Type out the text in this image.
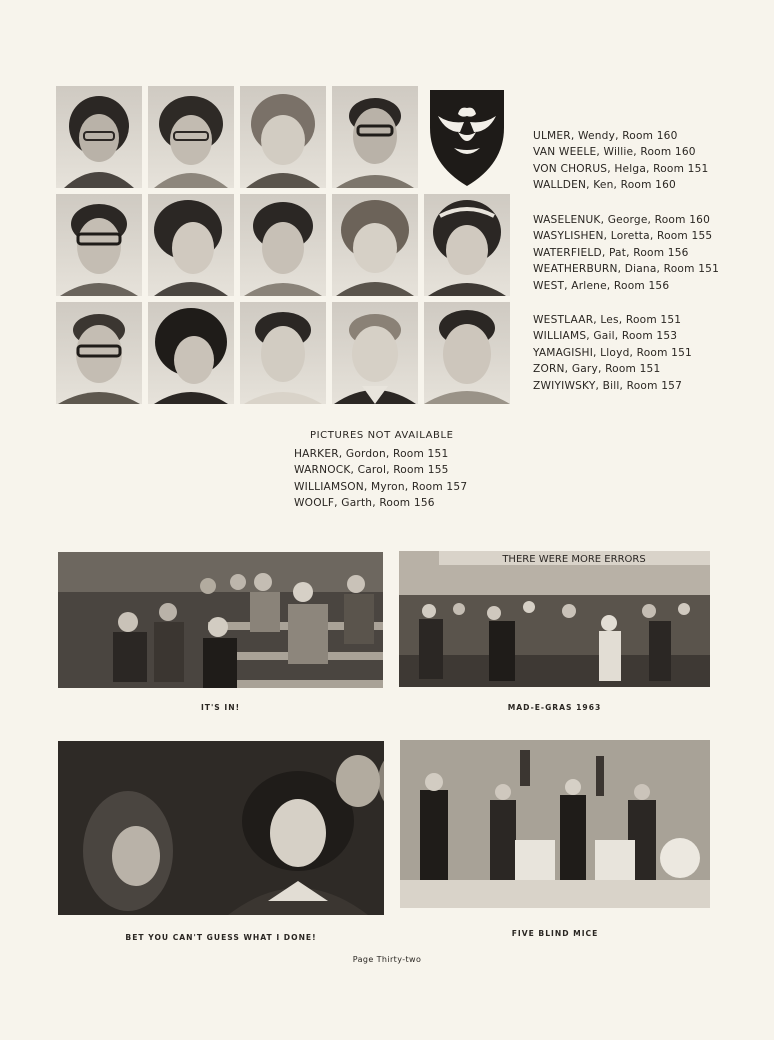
ULMER, Wendy, Room 160
VAN WEELE, Willie, Room 160
VON CHORUS, Helga, Room 151
WALLDEN, Ken, Room 160
WASELENUK, George, Room 160
WASYLISHEN, Loretta, Room 155
WATERFIELD, Pat, Room 156
WEATHERBURN, Diana, Room 151
WEST, Arlene, Room 156
WESTLAAR, Les, Room 151
WILLIAMS, Gail, Room 153
YAMAGISHI, Lloyd, Room 151
ZORN, Gary, Room 151
ZWIYIWSKY, Bill, Room 157
PICTURES NOT AVAILABLE
HARKER, Gordon, Room 151
WARNOCK, Carol, Room 155
WILLIAMSON, Myron, Room 157
WOOLF, Garth, Room 156
IT'S IN!
THERE WERE MORE ERRORS
MAD-E-GRAS 1963
BET YOU CAN'T GUESS WHAT I DONE!	FIVE BLIND MICE
Page Thirty-two
